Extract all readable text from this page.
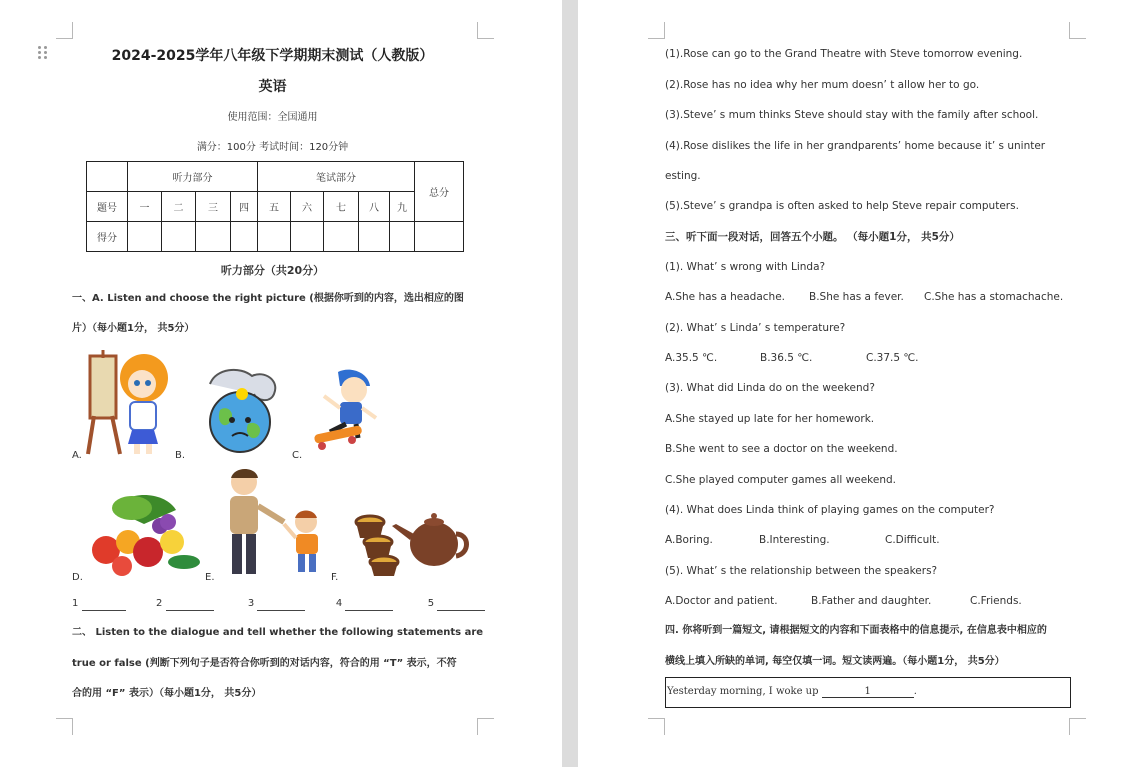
2024-2025学年八年级下学期期末测试（人教版）
英语
使用范围：全国通用
满分：100分 考试时间：120分钟
	听力部分				笔试部分					总分
题号	一	二	三	四	五	六	七	八	九	
得分										
听力部分（共20分）
一、A. Listen and choose the right picture (根据你听到的内容，选出相应的图
片）（每小题1分， 共5分）
A.	B.	C.
D.	E.	F.
1	2	3	4	5
二、 Listen to the dialogue and tell whether the following statements are
true or false (判断下列句子是否符合你听到的对话内容，符合的用 “T” 表示，不符
合的用 “F” 表示）（每小题1分， 共5分）
(1).Rose can go to the Grand Theatre with Steve tomorrow evening.
(2).Rose has no idea why her mum doesn’ t allow her to go.
(3).Steve’ s mum thinks Steve should stay with the family after school.
(4).Rose dislikes the life in her grandparents’ home because it’ s uninter
esting.
(5).Steve’ s grandpa is often asked to help Steve repair computers.
三、听下面一段对话，回答五个小题。 （每小题1分， 共5分）
(1). What’ s wrong with Linda?
A.She has a headache. B.She has a fever. C.She has a stomachache.
(2). What’ s Linda’ s temperature?
A.35.5 ℃.	B.36.5 ℃.	C.37.5 ℃.
(3). What did Linda do on the weekend?
A.She stayed up late for her homework.
B.She went to see a doctor on the weekend.
C.She played computer games all weekend.
(4). What does Linda think of playing games on the computer?
A.Boring.	B.Interesting.	C.Difficult.
(5). What’ s the relationship between the speakers?
A.Doctor and patient.	B.Father and daughter.	C.Friends.
四. 你将听到一篇短文, 请根据短文的内容和下面表格中的信息提示, 在信息表中相应的
横线上填入所缺的单词, 每空仅填一词。短文读两遍。（每小题1分， 共5分）
Yesterday morning, I woke up	1	.
